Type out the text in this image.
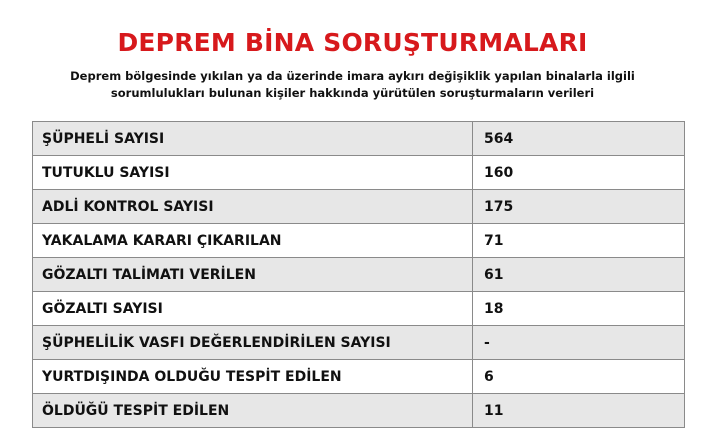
DEPREM BİNA SORUŞTURMALARI
Deprem bölgesinde yıkılan ya da üzerinde imara aykırı değişiklik yapılan binalarla ilgili
sorumlulukları bulunan kişiler hakkında yürütülen soruşturmaların verileri
ŞÜPHELİ SAYISI	564
TUTUKLU SAYISI	160
ADLİ KONTROL SAYISI	175
YAKALAMA KARARI ÇIKARILAN	71
GÖZALTI TALİMATI VERİLEN	61
GÖZALTI SAYISI	18
ŞÜPHELİLİK VASFI DEĞERLENDİRİLEN SAYISI	-
YURTDIŞINDA OLDUĞU TESPİT EDİLEN	6
ÖLDÜĞÜ TESPİT EDİLEN	11
